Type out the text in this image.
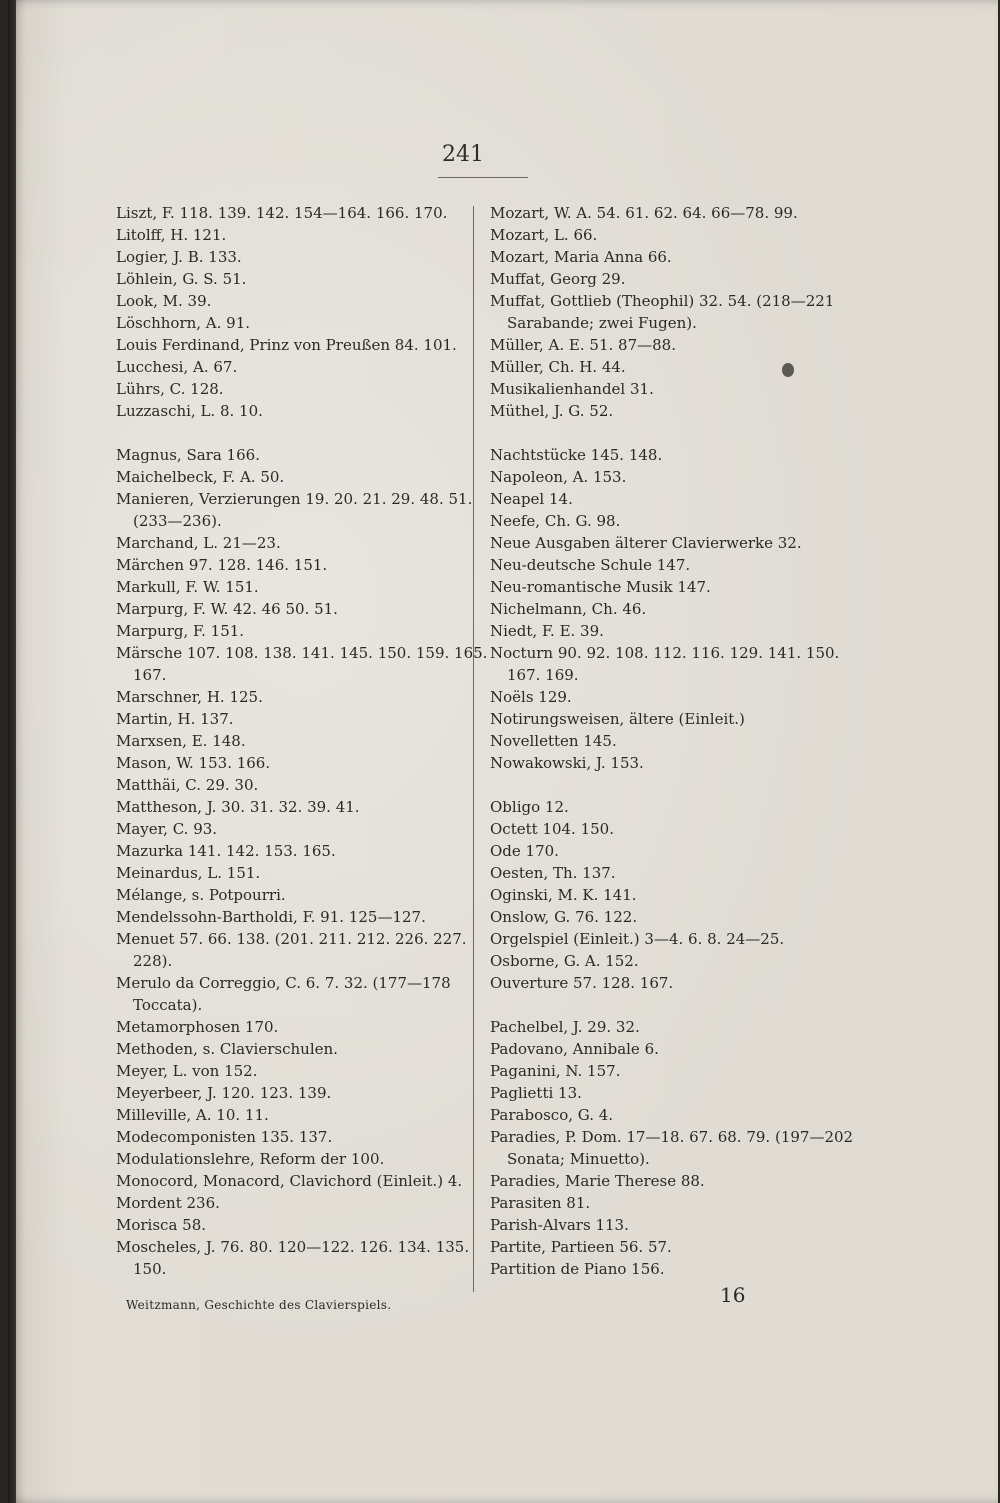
241
Liszt, F. 118. 139. 142. 154—164. 166. 170.
Litolff, H. 121.
Logier, J. B. 133.
Löhlein, G. S. 51.
Look, M. 39.
Löschhorn, A. 91.
Louis Ferdinand, Prinz von Preußen 84. 101.
Lucchesi, A. 67.
Lührs, C. 128.
Luzzaschi, L. 8. 10.
Magnus, Sara 166.
Maichelbeck, F. A. 50.
Manieren, Verzierungen 19. 20. 21. 29. 48. 51. (233—236).
Marchand, L. 21—23.
Märchen 97. 128. 146. 151.
Markull, F. W. 151.
Marpurg, F. W. 42. 46 50. 51.
Marpurg, F. 151.
Märsche 107. 108. 138. 141. 145. 150. 159. 165. 167.
Marschner, H. 125.
Martin, H. 137.
Marxsen, E. 148.
Mason, W. 153. 166.
Matthäi, C. 29. 30.
Mattheson, J. 30. 31. 32. 39. 41.
Mayer, C. 93.
Mazurka 141. 142. 153. 165.
Meinardus, L. 151.
Mélange, s. Potpourri.
Mendelssohn-Bartholdi, F. 91. 125—127.
Menuet 57. 66. 138. (201. 211. 212. 226. 227. 228).
Merulo da Correggio, C. 6. 7. 32. (177—178 Toccata).
Metamorphosen 170.
Methoden, s. Clavierschulen.
Meyer, L. von 152.
Meyerbeer, J. 120. 123. 139.
Milleville, A. 10. 11.
Modecomponisten 135. 137.
Modulationslehre, Reform der 100.
Monocord, Monacord, Clavichord (Einleit.) 4.
Mordent 236.
Morisca 58.
Moscheles, J. 76. 80. 120—122. 126. 134. 135. 150.
Mozart, W. A. 54. 61. 62. 64. 66—78. 99.
Mozart, L. 66.
Mozart, Maria Anna 66.
Muffat, Georg 29.
Muffat, Gottlieb (Theophil) 32. 54. (218—221 Sarabande; zwei Fugen).
Müller, A. E. 51. 87—88.
Müller, Ch. H. 44.
Musikalienhandel 31.
Müthel, J. G. 52.
Nachtstücke 145. 148.
Napoleon, A. 153.
Neapel 14.
Neefe, Ch. G. 98.
Neue Ausgaben älterer Clavierwerke 32.
Neu-deutsche Schule 147.
Neu-romantische Musik 147.
Nichelmann, Ch. 46.
Niedt, F. E. 39.
Nocturn 90. 92. 108. 112. 116. 129. 141. 150. 167. 169.
Noëls 129.
Notirungsweisen, ältere (Einleit.)
Novelletten 145.
Nowakowski, J. 153.
Obligo 12.
Octett 104. 150.
Ode 170.
Oesten, Th. 137.
Oginski, M. K. 141.
Onslow, G. 76. 122.
Orgelspiel (Einleit.) 3—4. 6. 8. 24—25.
Osborne, G. A. 152.
Ouverture 57. 128. 167.
Pachelbel, J. 29. 32.
Padovano, Annibale 6.
Paganini, N. 157.
Paglietti 13.
Parabosco, G. 4.
Paradies, P. Dom. 17—18. 67. 68. 79. (197—202 Sonata; Minuetto).
Paradies, Marie Therese 88.
Parasiten 81.
Parish-Alvars 113.
Partite, Partieen 56. 57.
Partition de Piano 156.
Weitzmann, Geschichte des Clavierspiels.	16
